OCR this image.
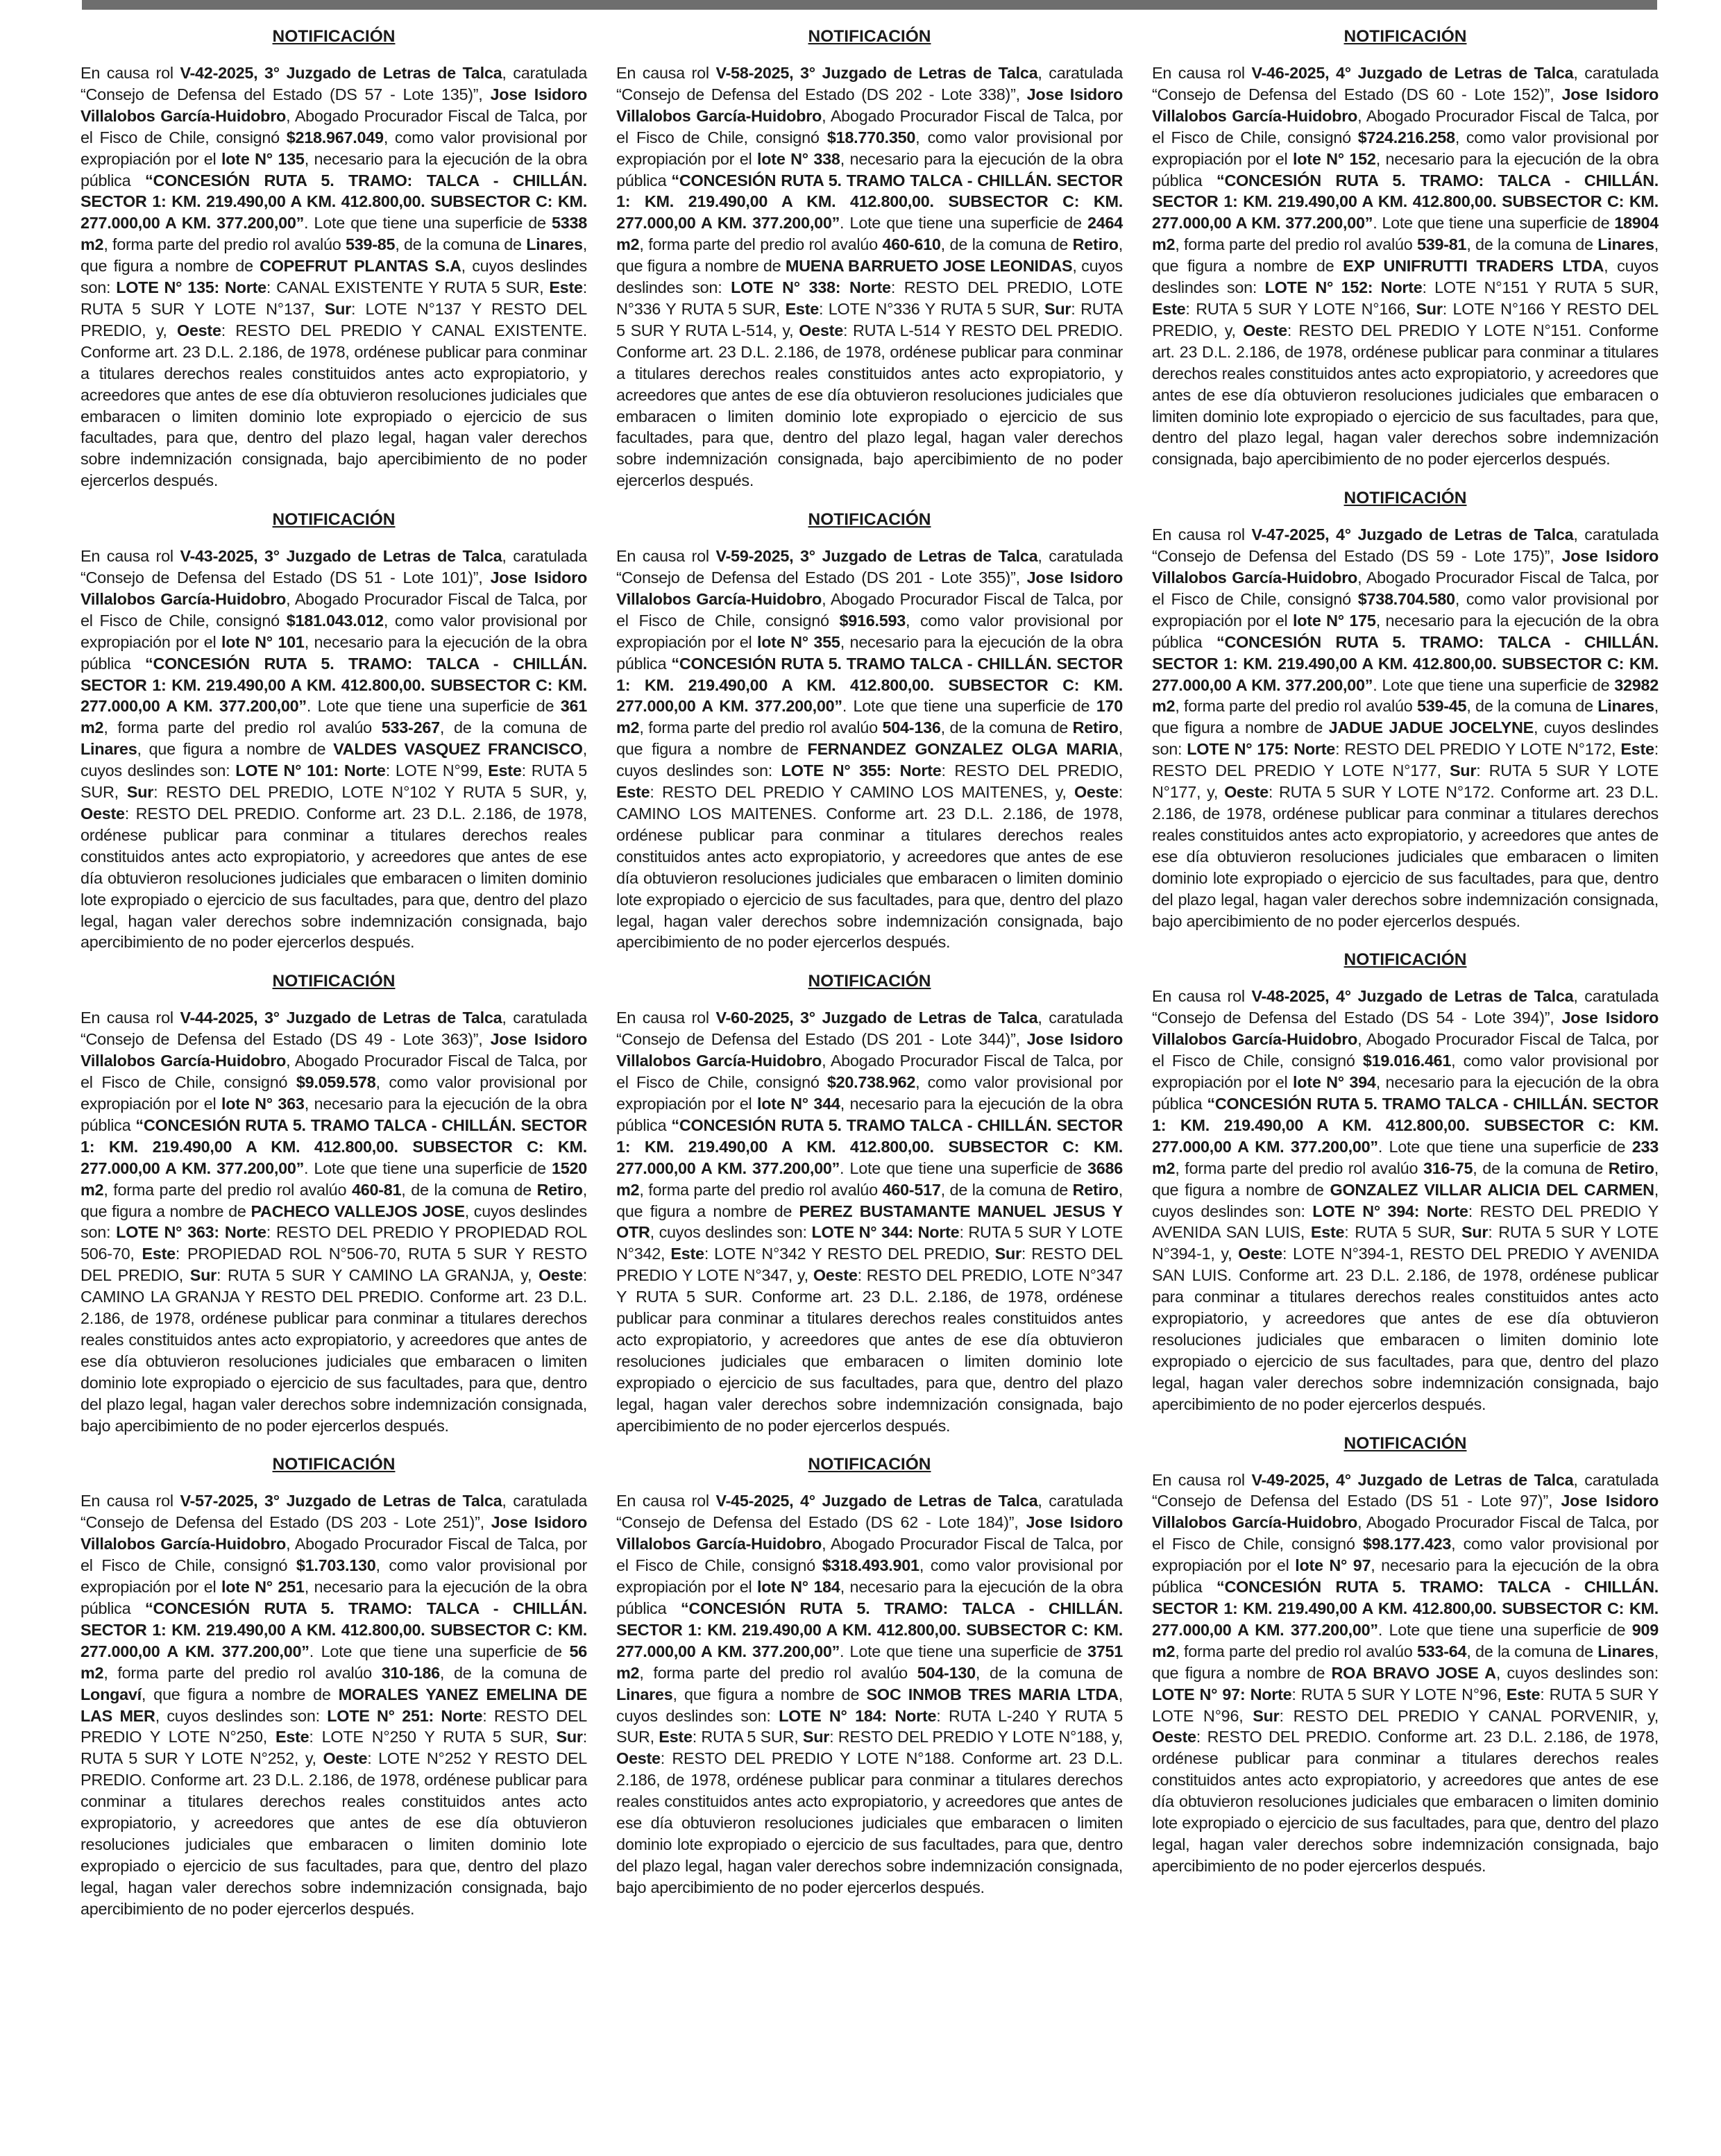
NOTIFICACIÓN

En causa rol V-42-2025, 3° Juzgado de Letras de Talca, caratulada “Consejo de Defensa del Estado (DS 57 - Lote 135)”, Jose Isidoro Villalobos García-Huidobro, Abogado Procurador Fiscal de Talca, por el Fisco de Chile, consignó $218.967.049, como valor provisional por expropiación por el lote N° 135, necesario para la ejecución de la obra pública “CONCESIÓN RUTA 5. TRAMO: TALCA - CHILLÁN. SECTOR 1: KM. 219.490,00 A KM. 412.800,00. SUBSECTOR C: KM. 277.000,00 A KM. 377.200,00”. Lote que tiene una superficie de 5338 m2, forma parte del predio rol avalúo 539-85, de la comuna de Linares, que figura a nombre de COPEFRUT PLANTAS S.A, cuyos deslindes son: LOTE N° 135: Norte: CANAL EXISTENTE Y RUTA 5 SUR, Este: RUTA 5 SUR Y LOTE N°137, Sur: LOTE N°137 Y RESTO DEL PREDIO, y, Oeste: RESTO DEL PREDIO Y CANAL EXISTENTE. Conforme art. 23 D.L. 2.186, de 1978, ordénese publicar para conminar a titulares derechos reales constituidos antes acto expropiatorio, y acreedores que antes de ese día obtuvieron resoluciones judiciales que embaracen o limiten dominio lote expropiado o ejercicio de sus facultades, para que, dentro del plazo legal, hagan valer derechos sobre indemnización consignada, bajo apercibimiento de no poder ejercerlos después.

NOTIFICACIÓN

En causa rol V-43-2025, 3° Juzgado de Letras de Talca, caratulada “Consejo de Defensa del Estado (DS 51 - Lote 101)”, Jose Isidoro Villalobos García-Huidobro, Abogado Procurador Fiscal de Talca, por el Fisco de Chile, consignó $181.043.012, como valor provisional por expropiación por el lote N° 101, necesario para la ejecución de la obra pública “CONCESIÓN RUTA 5. TRAMO: TALCA - CHILLÁN. SECTOR 1: KM. 219.490,00 A KM. 412.800,00. SUBSECTOR C: KM. 277.000,00 A KM. 377.200,00”. Lote que tiene una superficie de 361 m2, forma parte del predio rol avalúo 533-267, de la comuna de Linares, que figura a nombre de VALDES VASQUEZ FRANCISCO, cuyos deslindes son: LOTE N° 101: Norte: LOTE N°99, Este: RUTA 5 SUR, Sur: RESTO DEL PREDIO, LOTE N°102 Y RUTA 5 SUR, y, Oeste: RESTO DEL PREDIO. Conforme art. 23 D.L. 2.186, de 1978, ordénese publicar para conminar a titulares derechos reales constituidos antes acto expropiatorio, y acreedores que antes de ese día obtuvieron resoluciones judiciales que embaracen o limiten dominio lote expropiado o ejercicio de sus facultades, para que, dentro del plazo legal, hagan valer derechos sobre indemnización consignada, bajo apercibimiento de no poder ejercerlos después.

NOTIFICACIÓN

En causa rol V-44-2025, 3° Juzgado de Letras de Talca, caratulada “Consejo de Defensa del Estado (DS 49 - Lote 363)”, Jose Isidoro Villalobos García-Huidobro, Abogado Procurador Fiscal de Talca, por el Fisco de Chile, consignó $9.059.578, como valor provisional por expropiación por el lote N° 363, necesario para la ejecución de la obra pública “CONCESIÓN RUTA 5. TRAMO TALCA - CHILLÁN. SECTOR 1: KM. 219.490,00 A KM. 412.800,00. SUBSECTOR C: KM. 277.000,00 A KM. 377.200,00”. Lote que tiene una superficie de 1520 m2, forma parte del predio rol avalúo 460-81, de la comuna de Retiro, que figura a nombre de PACHECO VALLEJOS JOSE, cuyos deslindes son: LOTE N° 363: Norte: RESTO DEL PREDIO Y PROPIEDAD ROL 506-70, Este: PROPIEDAD ROL N°506-70, RUTA 5 SUR Y RESTO DEL PREDIO, Sur: RUTA 5 SUR Y CAMINO LA GRANJA, y, Oeste: CAMINO LA GRANJA Y RESTO DEL PREDIO. Conforme art. 23 D.L. 2.186, de 1978, ordénese publicar para conminar a titulares derechos reales constituidos antes acto expropiatorio, y acreedores que antes de ese día obtuvieron resoluciones judiciales que embaracen o limiten dominio lote expropiado o ejercicio de sus facultades, para que, dentro del plazo legal, hagan valer derechos sobre indemnización consignada, bajo apercibimiento de no poder ejercerlos después.

NOTIFICACIÓN

En causa rol V-57-2025, 3° Juzgado de Letras de Talca, caratulada “Consejo de Defensa del Estado (DS 203 - Lote 251)”, Jose Isidoro Villalobos García-Huidobro, Abogado Procurador Fiscal de Talca, por el Fisco de Chile, consignó $1.703.130, como valor provisional por expropiación por el lote N° 251, necesario para la ejecución de la obra pública “CONCESIÓN RUTA 5. TRAMO: TALCA - CHILLÁN. SECTOR 1: KM. 219.490,00 A KM. 412.800,00. SUBSECTOR C: KM. 277.000,00 A KM. 377.200,00”. Lote que tiene una superficie de 56 m2, forma parte del predio rol avalúo 310-186, de la comuna de Longaví, que figura a nombre de MORALES YANEZ EMELINA DE LAS MER, cuyos deslindes son: LOTE N° 251: Norte: RESTO DEL PREDIO Y LOTE N°250, Este: LOTE N°250 Y RUTA 5 SUR, Sur: RUTA 5 SUR Y LOTE N°252, y, Oeste: LOTE N°252 Y RESTO DEL PREDIO. Conforme art. 23 D.L. 2.186, de 1978, ordénese publicar para conminar a titulares derechos reales constituidos antes acto expropiatorio, y acreedores que antes de ese día obtuvieron resoluciones judiciales que embaracen o limiten dominio lote expropiado o ejercicio de sus facultades, para que, dentro del plazo legal, hagan valer derechos sobre indemnización consignada, bajo apercibimiento de no poder ejercerlos después.

NOTIFICACIÓN

En causa rol V-58-2025, 3° Juzgado de Letras de Talca, caratulada “Consejo de Defensa del Estado (DS 202 - Lote 338)”, Jose Isidoro Villalobos García-Huidobro, Abogado Procurador Fiscal de Talca, por el Fisco de Chile, consignó $18.770.350, como valor provisional por expropiación por el lote N° 338, necesario para la ejecución de la obra pública “CONCESIÓN RUTA 5. TRAMO TALCA - CHILLÁN. SECTOR 1: KM. 219.490,00 A KM. 412.800,00. SUBSECTOR C: KM. 277.000,00 A KM. 377.200,00”. Lote que tiene una superficie de 2464 m2, forma parte del predio rol avalúo 460-610, de la comuna de Retiro, que figura a nombre de MUENA BARRUETO JOSE LEONIDAS, cuyos deslindes son: LOTE N° 338: Norte: RESTO DEL PREDIO, LOTE N°336 Y RUTA 5 SUR, Este: LOTE N°336 Y RUTA 5 SUR, Sur: RUTA 5 SUR Y RUTA L-514, y, Oeste: RUTA L-514 Y RESTO DEL PREDIO. Conforme art. 23 D.L. 2.186, de 1978, ordénese publicar para conminar a titulares derechos reales constituidos antes acto expropiatorio, y acreedores que antes de ese día obtuvieron resoluciones judiciales que embaracen o limiten dominio lote expropiado o ejercicio de sus facultades, para que, dentro del plazo legal, hagan valer derechos sobre indemnización consignada, bajo apercibimiento de no poder ejercerlos después.

NOTIFICACIÓN

En causa rol V-59-2025, 3° Juzgado de Letras de Talca, caratulada “Consejo de Defensa del Estado (DS 201 - Lote 355)”, Jose Isidoro Villalobos García-Huidobro, Abogado Procurador Fiscal de Talca, por el Fisco de Chile, consignó $916.593, como valor provisional por expropiación por el lote N° 355, necesario para la ejecución de la obra pública “CONCESIÓN RUTA 5. TRAMO TALCA - CHILLÁN. SECTOR 1: KM. 219.490,00 A KM. 412.800,00. SUBSECTOR C: KM. 277.000,00 A KM. 377.200,00”. Lote que tiene una superficie de 170 m2, forma parte del predio rol avalúo 504-136, de la comuna de Retiro, que figura a nombre de FERNANDEZ GONZALEZ OLGA MARIA, cuyos deslindes son: LOTE N° 355: Norte: RESTO DEL PREDIO, Este: RESTO DEL PREDIO Y CAMINO LOS MAITENES, y, Oeste: CAMINO LOS MAITENES. Conforme art. 23 D.L. 2.186, de 1978, ordénese publicar para conminar a titulares derechos reales constituidos antes acto expropiatorio, y acreedores que antes de ese día obtuvieron resoluciones judiciales que embaracen o limiten dominio lote expropiado o ejercicio de sus facultades, para que, dentro del plazo legal, hagan valer derechos sobre indemnización consignada, bajo apercibimiento de no poder ejercerlos después.

NOTIFICACIÓN

En causa rol V-60-2025, 3° Juzgado de Letras de Talca, caratulada “Consejo de Defensa del Estado (DS 201 - Lote 344)”, Jose Isidoro Villalobos García-Huidobro, Abogado Procurador Fiscal de Talca, por el Fisco de Chile, consignó $20.738.962, como valor provisional por expropiación por el lote N° 344, necesario para la ejecución de la obra pública “CONCESIÓN RUTA 5. TRAMO TALCA - CHILLÁN. SECTOR 1: KM. 219.490,00 A KM. 412.800,00. SUBSECTOR C: KM. 277.000,00 A KM. 377.200,00”. Lote que tiene una superficie de 3686 m2, forma parte del predio rol avalúo 460-517, de la comuna de Retiro, que figura a nombre de PEREZ BUSTAMANTE MANUEL JESUS Y OTR, cuyos deslindes son: LOTE N° 344: Norte: RUTA 5 SUR Y LOTE N°342, Este: LOTE N°342 Y RESTO DEL PREDIO, Sur: RESTO DEL PREDIO Y LOTE N°347, y, Oeste: RESTO DEL PREDIO, LOTE N°347 Y RUTA 5 SUR. Conforme art. 23 D.L. 2.186, de 1978, ordénese publicar para conminar a titulares derechos reales constituidos antes acto expropiatorio, y acreedores que antes de ese día obtuvieron resoluciones judiciales que embaracen o limiten dominio lote expropiado o ejercicio de sus facultades, para que, dentro del plazo legal, hagan valer derechos sobre indemnización consignada, bajo apercibimiento de no poder ejercerlos después.

NOTIFICACIÓN

En causa rol V-45-2025, 4° Juzgado de Letras de Talca, caratulada “Consejo de Defensa del Estado (DS 62 - Lote 184)”, Jose Isidoro Villalobos García-Huidobro, Abogado Procurador Fiscal de Talca, por el Fisco de Chile, consignó $318.493.901, como valor provisional por expropiación por el lote N° 184, necesario para la ejecución de la obra pública “CONCESIÓN RUTA 5. TRAMO: TALCA - CHILLÁN. SECTOR 1: KM. 219.490,00 A KM. 412.800,00. SUBSECTOR C: KM. 277.000,00 A KM. 377.200,00”. Lote que tiene una superficie de 3751 m2, forma parte del predio rol avalúo 504-130, de la comuna de Linares, que figura a nombre de SOC INMOB TRES MARIA LTDA, cuyos deslindes son: LOTE N° 184: Norte: RUTA L-240 Y RUTA 5 SUR, Este: RUTA 5 SUR, Sur: RESTO DEL PREDIO Y LOTE N°188, y, Oeste: RESTO DEL PREDIO Y LOTE N°188. Conforme art. 23 D.L. 2.186, de 1978, ordénese publicar para conminar a titulares derechos reales constituidos antes acto expropiatorio, y acreedores que antes de ese día obtuvieron resoluciones judiciales que embaracen o limiten dominio lote expropiado o ejercicio de sus facultades, para que, dentro del plazo legal, hagan valer derechos sobre indemnización consignada, bajo apercibimiento de no poder ejercerlos después.

NOTIFICACIÓN

En causa rol V-46-2025, 4° Juzgado de Letras de Talca, caratulada “Consejo de Defensa del Estado (DS 60 - Lote 152)”, Jose Isidoro Villalobos García-Huidobro, Abogado Procurador Fiscal de Talca, por el Fisco de Chile, consignó $724.216.258, como valor provisional por expropiación por el lote N° 152, necesario para la ejecución de la obra pública “CONCESIÓN RUTA 5. TRAMO: TALCA - CHILLÁN. SECTOR 1: KM. 219.490,00 A KM. 412.800,00. SUBSECTOR C: KM. 277.000,00 A KM. 377.200,00”. Lote que tiene una superficie de 18904 m2, forma parte del predio rol avalúo 539-81, de la comuna de Linares, que figura a nombre de EXP UNIFRUTTI TRADERS LTDA, cuyos deslindes son: LOTE N° 152: Norte: LOTE N°151 Y RUTA 5 SUR, Este: RUTA 5 SUR Y LOTE N°166, Sur: LOTE N°166 Y RESTO DEL PREDIO, y, Oeste: RESTO DEL PREDIO Y LOTE N°151. Conforme art. 23 D.L. 2.186, de 1978, ordénese publicar para conminar a titulares derechos reales constituidos antes acto expropiatorio, y acreedores que antes de ese día obtuvieron resoluciones judiciales que embaracen o limiten dominio lote expropiado o ejercicio de sus facultades, para que, dentro del plazo legal, hagan valer derechos sobre indemnización consignada, bajo apercibimiento de no poder ejercerlos después.

NOTIFICACIÓN

En causa rol V-47-2025, 4° Juzgado de Letras de Talca, caratulada “Consejo de Defensa del Estado (DS 59 - Lote 175)”, Jose Isidoro Villalobos García-Huidobro, Abogado Procurador Fiscal de Talca, por el Fisco de Chile, consignó $738.704.580, como valor provisional por expropiación por el lote N° 175, necesario para la ejecución de la obra pública “CONCESIÓN RUTA 5. TRAMO: TALCA - CHILLÁN. SECTOR 1: KM. 219.490,00 A KM. 412.800,00. SUBSECTOR C: KM. 277.000,00 A KM. 377.200,00”. Lote que tiene una superficie de 32982 m2, forma parte del predio rol avalúo 539-45, de la comuna de Linares, que figura a nombre de JADUE JADUE JOCELYNE, cuyos deslindes son: LOTE N° 175: Norte: RESTO DEL PREDIO Y LOTE N°172, Este: RESTO DEL PREDIO Y LOTE N°177, Sur: RUTA 5 SUR Y LOTE N°177, y, Oeste: RUTA 5 SUR Y LOTE N°172. Conforme art. 23 D.L. 2.186, de 1978, ordénese publicar para conminar a titulares derechos reales constituidos antes acto expropiatorio, y acreedores que antes de ese día obtuvieron resoluciones judiciales que embaracen o limiten dominio lote expropiado o ejercicio de sus facultades, para que, dentro del plazo legal, hagan valer derechos sobre indemnización consignada, bajo apercibimiento de no poder ejercerlos después.

NOTIFICACIÓN

En causa rol V-48-2025, 4° Juzgado de Letras de Talca, caratulada “Consejo de Defensa del Estado (DS 54 - Lote 394)”, Jose Isidoro Villalobos García-Huidobro, Abogado Procurador Fiscal de Talca, por el Fisco de Chile, consignó $19.016.461, como valor provisional por expropiación por el lote N° 394, necesario para la ejecución de la obra pública “CONCESIÓN RUTA 5. TRAMO TALCA - CHILLÁN. SECTOR 1: KM. 219.490,00 A KM. 412.800,00. SUBSECTOR C: KM. 277.000,00 A KM. 377.200,00”. Lote que tiene una superficie de 233 m2, forma parte del predio rol avalúo 316-75, de la comuna de Retiro, que figura a nombre de GONZALEZ VILLAR ALICIA DEL CARMEN, cuyos deslindes son: LOTE N° 394: Norte: RESTO DEL PREDIO Y AVENIDA SAN LUIS, Este: RUTA 5 SUR, Sur: RUTA 5 SUR Y LOTE N°394-1, y, Oeste: LOTE N°394-1, RESTO DEL PREDIO Y AVENIDA SAN LUIS. Conforme art. 23 D.L. 2.186, de 1978, ordénese publicar para conminar a titulares derechos reales constituidos antes acto expropiatorio, y acreedores que antes de ese día obtuvieron resoluciones judiciales que embaracen o limiten dominio lote expropiado o ejercicio de sus facultades, para que, dentro del plazo legal, hagan valer derechos sobre indemnización consignada, bajo apercibimiento de no poder ejercerlos después.

NOTIFICACIÓN

En causa rol V-49-2025, 4° Juzgado de Letras de Talca, caratulada “Consejo de Defensa del Estado (DS 51 - Lote 97)”, Jose Isidoro Villalobos García-Huidobro, Abogado Procurador Fiscal de Talca, por el Fisco de Chile, consignó $98.177.423, como valor provisional por expropiación por el lote N° 97, necesario para la ejecución de la obra pública “CONCESIÓN RUTA 5. TRAMO: TALCA - CHILLÁN. SECTOR 1: KM. 219.490,00 A KM. 412.800,00. SUBSECTOR C: KM. 277.000,00 A KM. 377.200,00”. Lote que tiene una superficie de 909 m2, forma parte del predio rol avalúo 533-64, de la comuna de Linares, que figura a nombre de ROA BRAVO JOSE A, cuyos deslindes son: LOTE N° 97: Norte: RUTA 5 SUR Y LOTE N°96, Este: RUTA 5 SUR Y LOTE N°96, Sur: RESTO DEL PREDIO Y CANAL PORVENIR, y, Oeste: RESTO DEL PREDIO. Conforme art. 23 D.L. 2.186, de 1978, ordénese publicar para conminar a titulares derechos reales constituidos antes acto expropiatorio, y acreedores que antes de ese día obtuvieron resoluciones judiciales que embaracen o limiten dominio lote expropiado o ejercicio de sus facultades, para que, dentro del plazo legal, hagan valer derechos sobre indemnización consignada, bajo apercibimiento de no poder ejercerlos después.
